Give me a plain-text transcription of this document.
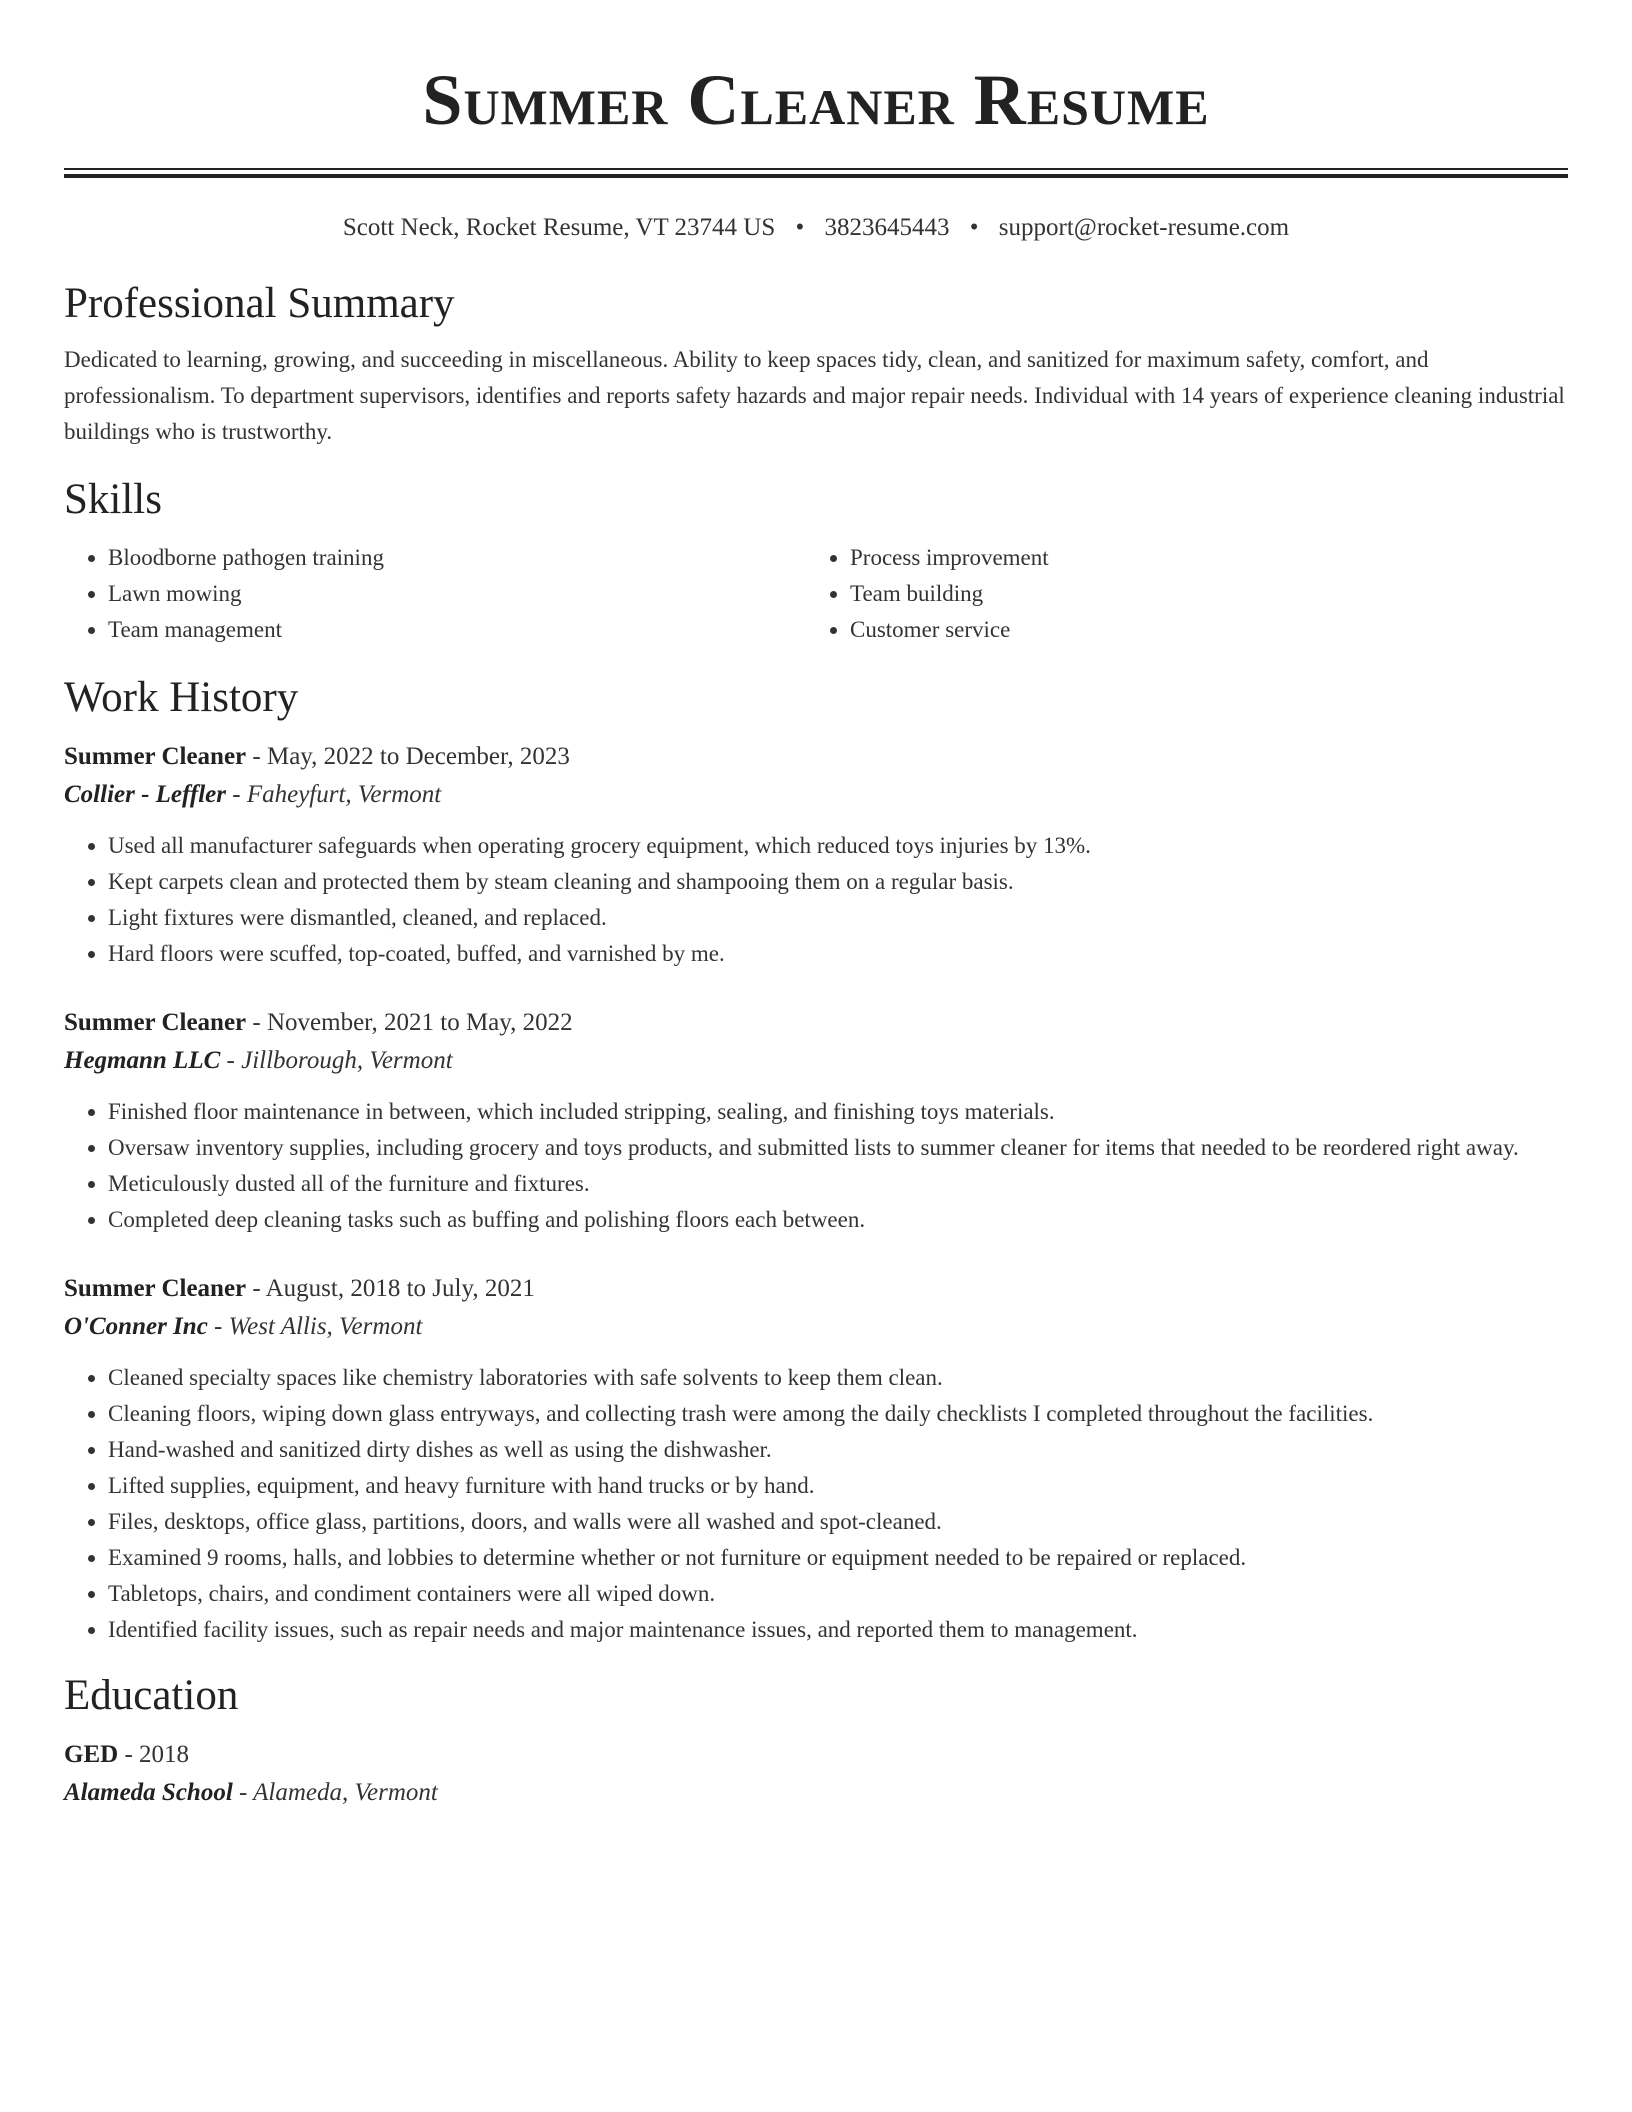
Summer Cleaner Resume
Scott Neck, Rocket Resume, VT 23744 US • 3823645443 • support@rocket-resume.com
Professional Summary

Dedicated to learning, growing, and succeeding in miscellaneous. Ability to keep spaces tidy, clean, and sanitized for maximum safety, comfort, and professionalism. To department supervisors, identifies and reports safety hazards and major repair needs. Individual with 14 years of experience cleaning industrial buildings who is trustworthy.

Skills
• Bloodborne pathogen training
• Lawn mowing
• Team management
• Process improvement
• Team building
• Customer service
Work History
Summer Cleaner - May, 2022 to December, 2023
Collier - Leffler - Faheyfurt, Vermont
• Used all manufacturer safeguards when operating grocery equipment, which reduced toys injuries by 13%.
• Kept carpets clean and protected them by steam cleaning and shampooing them on a regular basis.
• Light fixtures were dismantled, cleaned, and replaced.
• Hard floors were scuffed, top-coated, buffed, and varnished by me.
Summer Cleaner - November, 2021 to May, 2022
Hegmann LLC - Jillborough, Vermont
• Finished floor maintenance in between, which included stripping, sealing, and finishing toys materials.
• Oversaw inventory supplies, including grocery and toys products, and submitted lists to summer cleaner for items that needed to be reordered right away.
• Meticulously dusted all of the furniture and fixtures.
• Completed deep cleaning tasks such as buffing and polishing floors each between.
Summer Cleaner - August, 2018 to July, 2021
O'Conner Inc - West Allis, Vermont
• Cleaned specialty spaces like chemistry laboratories with safe solvents to keep them clean.
• Cleaning floors, wiping down glass entryways, and collecting trash were among the daily checklists I completed throughout the facilities.
• Hand-washed and sanitized dirty dishes as well as using the dishwasher.
• Lifted supplies, equipment, and heavy furniture with hand trucks or by hand.
• Files, desktops, office glass, partitions, doors, and walls were all washed and spot-cleaned.
• Examined 9 rooms, halls, and lobbies to determine whether or not furniture or equipment needed to be repaired or replaced.
• Tabletops, chairs, and condiment containers were all wiped down.
• Identified facility issues, such as repair needs and major maintenance issues, and reported them to management.
Education
GED - 2018
Alameda School - Alameda, Vermont
